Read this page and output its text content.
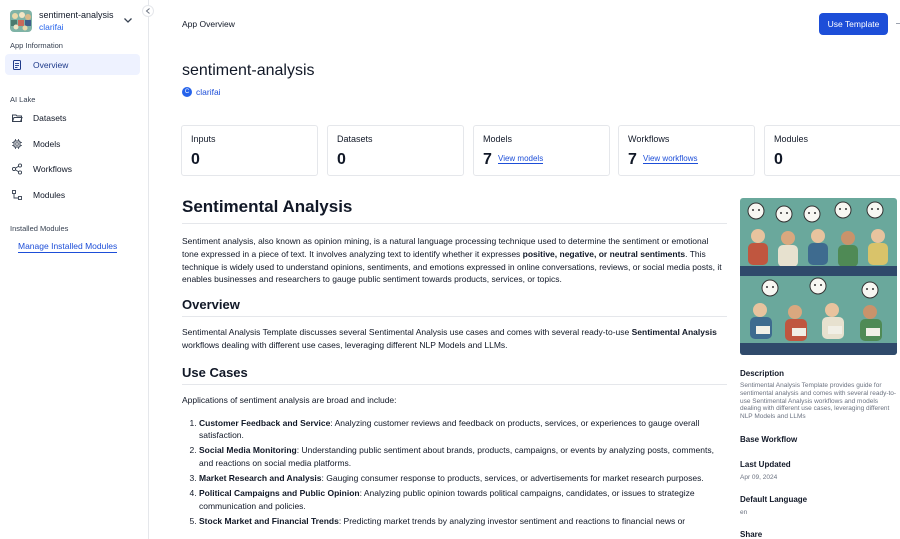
sentiment-analysis
clarifai
App Information
Overview
AI Lake
Datasets
Models
Workflows
Modules
Installed Modules
Manage Installed Modules
App Overview	Use Template
sentiment-analysis
C clarifai
Inputs
0
Datasets
0
Models
7 View models
Workflows
7 View workflows
Modules
0
Sentimental Analysis

Sentiment analysis, also known as opinion mining, is a natural language processing technique used to determine the sentiment or emotional tone expressed in a piece of text. It involves analyzing text to identify whether it expresses positive, negative, or neutral sentiments. This technique is widely used to understand opinions, sentiments, and emotions expressed in online conversations, reviews, or social media posts, it enables businesses and researchers to gauge public sentiment towards products, services, or topics.

Overview

Sentimental Analysis Template discusses several Sentimental Analysis use cases and comes with several ready-to-use Sentimental Analysis workflows dealing with different use cases, leveraging different NLP Models and LLMs.

Use Cases

Applications of sentiment analysis are broad and include:

1. Customer Feedback and Service: Analyzing customer reviews and feedback on products, services, or experiences to gauge overall satisfaction.
2. Social Media Monitoring: Understanding public sentiment about brands, products, campaigns, or events by analyzing posts, comments, and reactions on social media platforms.
3. Market Research and Analysis: Gauging consumer response to products, services, or advertisements for market research purposes.
4. Political Campaigns and Public Opinion: Analyzing public opinion towards political campaigns, candidates, or issues to strategize communication and policies.
5. Stock Market and Financial Trends: Predicting market trends by analyzing investor sentiment and reactions to financial news or
Description
Sentimental Analysis Template provides guide for sentimental analysis and comes with several ready-to-use Sentimental Analysis workflows and models dealing with different use cases, leveraging different NLP Models and LLMs
Base Workflow
Last Updated
Apr 09, 2024
Default Language
en
Share
